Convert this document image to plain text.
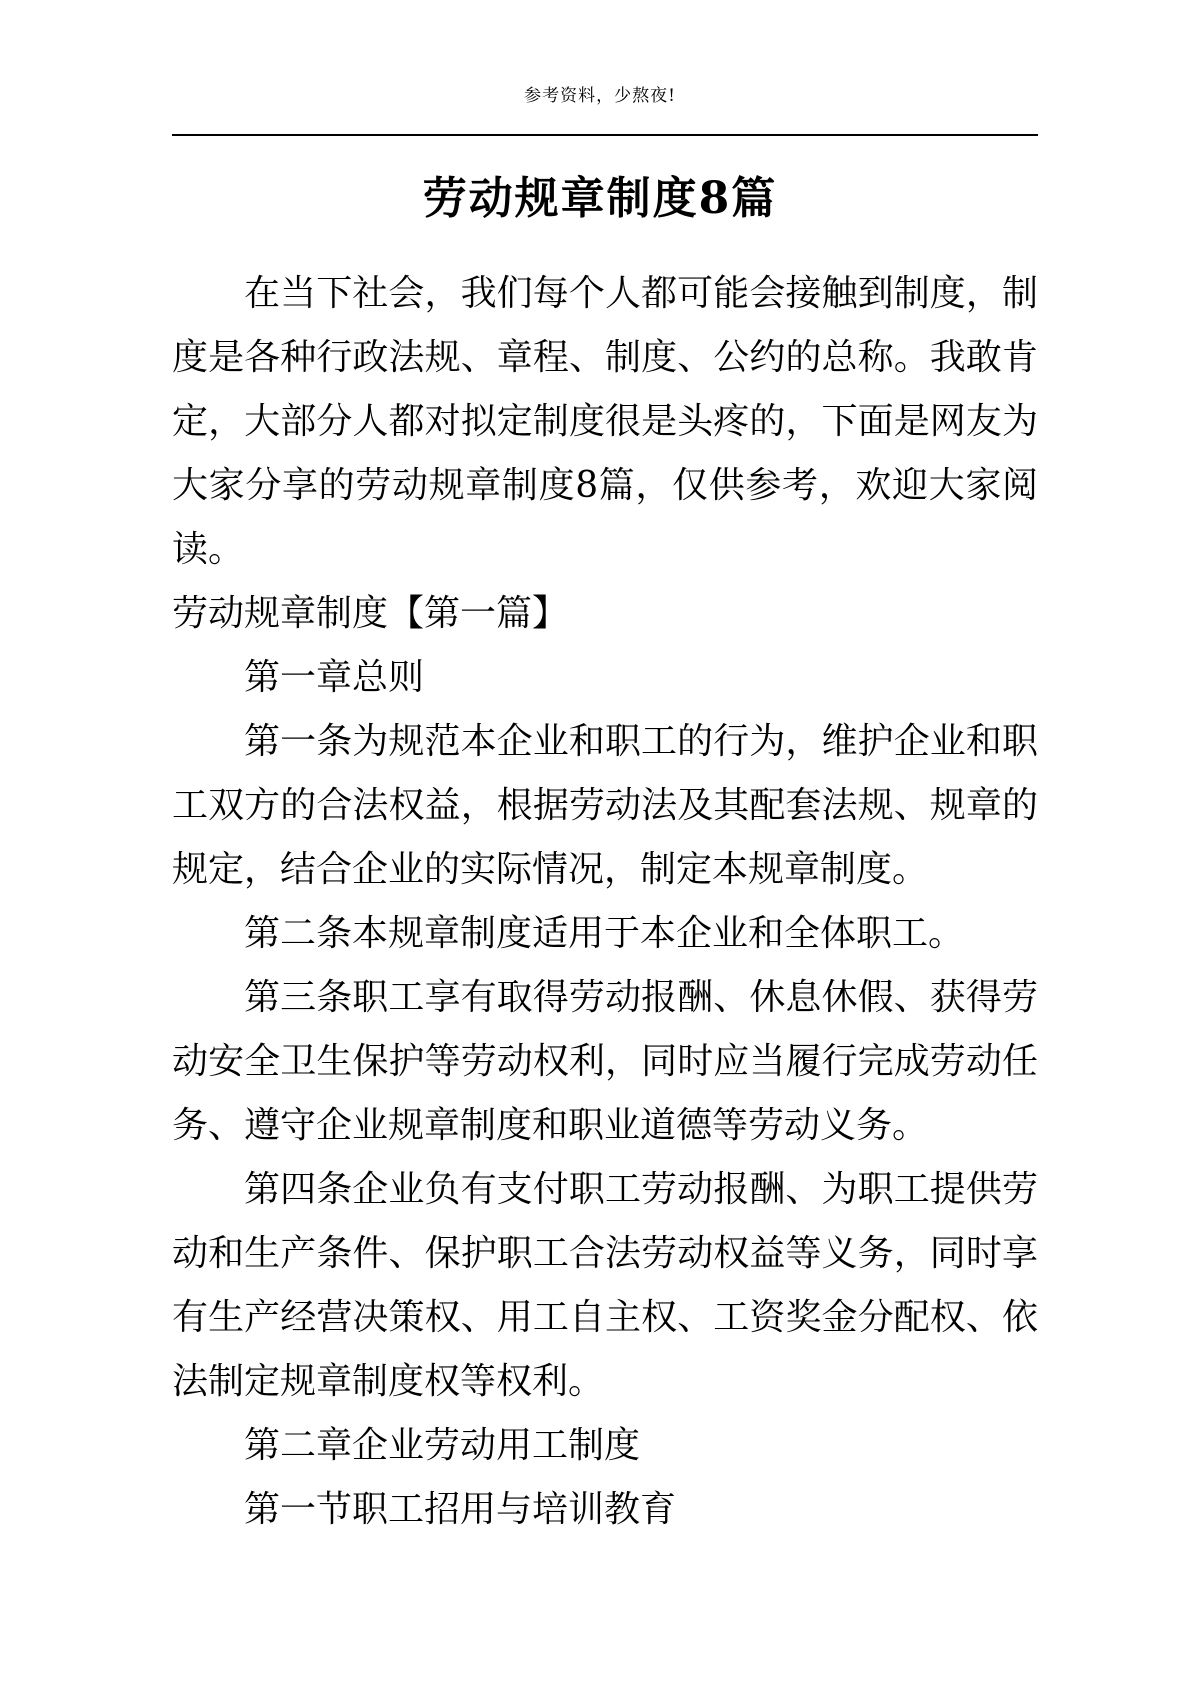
参考资料，少熬夜!
劳动规章制度8篇

在当下社会，我们每个人都可能会接触到制度，制度是各种行政法规、章程、制度、公约的总称。我敢肯定，大部分人都对拟定制度很是头疼的，下面是网友为大家分享的劳动规章制度8篇，仅供参考，欢迎大家阅读。

劳动规章制度【第一篇】

第一章总则

第一条为规范本企业和职工的行为，维护企业和职工双方的合法权益，根据劳动法及其配套法规、规章的规定，结合企业的实际情况，制定本规章制度。

第二条本规章制度适用于本企业和全体职工。

第三条职工享有取得劳动报酬、休息休假、获得劳动安全卫生保护等劳动权利，同时应当履行完成劳动任务、遵守企业规章制度和职业道德等劳动义务。

第四条企业负有支付职工劳动报酬、为职工提供劳动和生产条件、保护职工合法劳动权益等义务，同时享有生产经营决策权、用工自主权、工资奖金分配权、依法制定规章制度权等权利。

第二章企业劳动用工制度

第一节职工招用与培训教育
